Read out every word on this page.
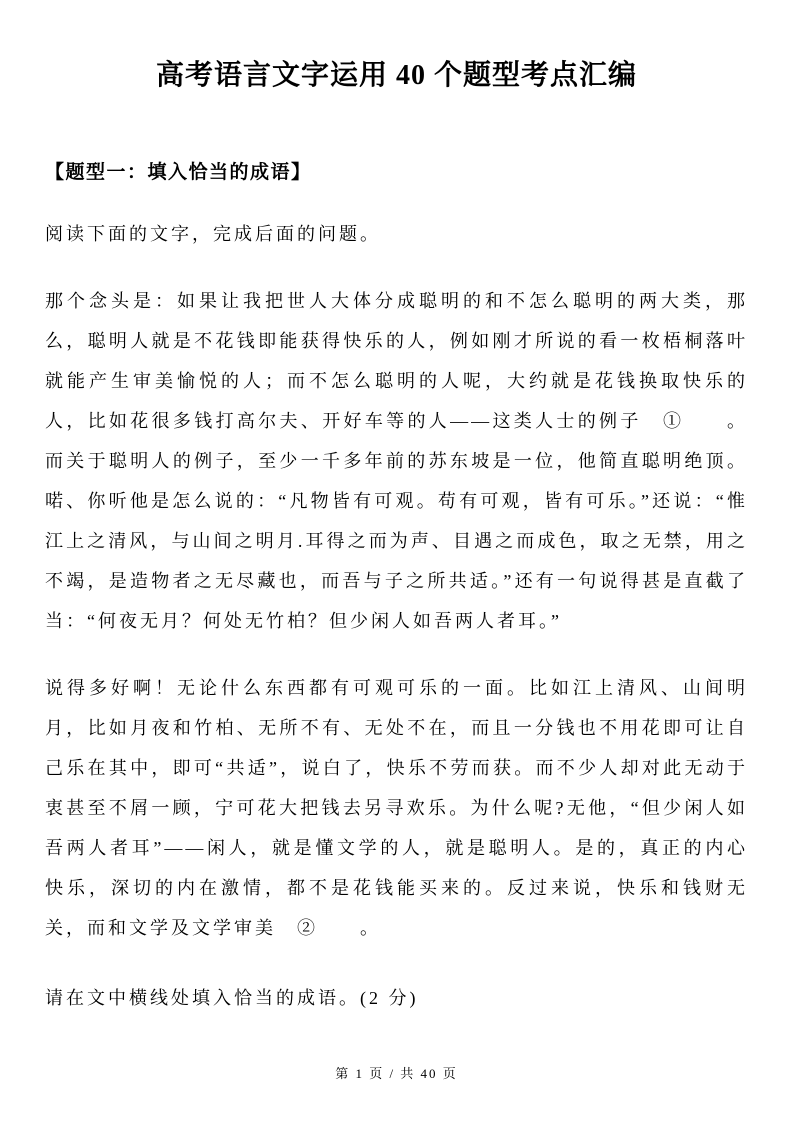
高考语言文字运用 40 个题型考点汇编
【题型一：填入恰当的成语】

阅读下面的文字，完成后面的问题。

那个念头是：如果让我把世人大体分成聪明的和不怎么聪明的两大类，那么，聪明人就是不花钱即能获得快乐的人，例如刚才所说的看一枚梧桐落叶就能产生审美愉悦的人；而不怎么聪明的人呢，大约就是花钱换取快乐的人，比如花很多钱打高尔夫、开好车等的人——这类人士的例子　①　　。而关于聪明人的例子，至少一千多年前的苏东坡是一位，他简直聪明绝顶。喏、你听他是怎么说的：“凡物皆有可观。苟有可观，皆有可乐。”还说：“惟江上之清风，与山间之明月.耳得之而为声、目遇之而成色，取之无禁，用之不竭，是造物者之无尽藏也，而吾与子之所共适。”还有一句说得甚是直截了当：“何夜无月？何处无竹柏？但少闲人如吾两人者耳。”

说得多好啊！无论什么东西都有可观可乐的一面。比如江上清风、山间明月，比如月夜和竹柏、无所不有、无处不在，而且一分钱也不用花即可让自己乐在其中，即可“共适”，说白了，快乐不劳而获。而不少人却对此无动于衷甚至不屑一顾，宁可花大把钱去另寻欢乐。为什么呢?无他，“但少闲人如吾两人者耳”——闲人，就是懂文学的人，就是聪明人。是的，真正的内心快乐，深切的内在激情，都不是花钱能买来的。反过来说，快乐和钱财无关，而和文学及文学审美　②　　。

请在文中横线处填入恰当的成语。(2 分)

第 1 页 / 共 40 页
